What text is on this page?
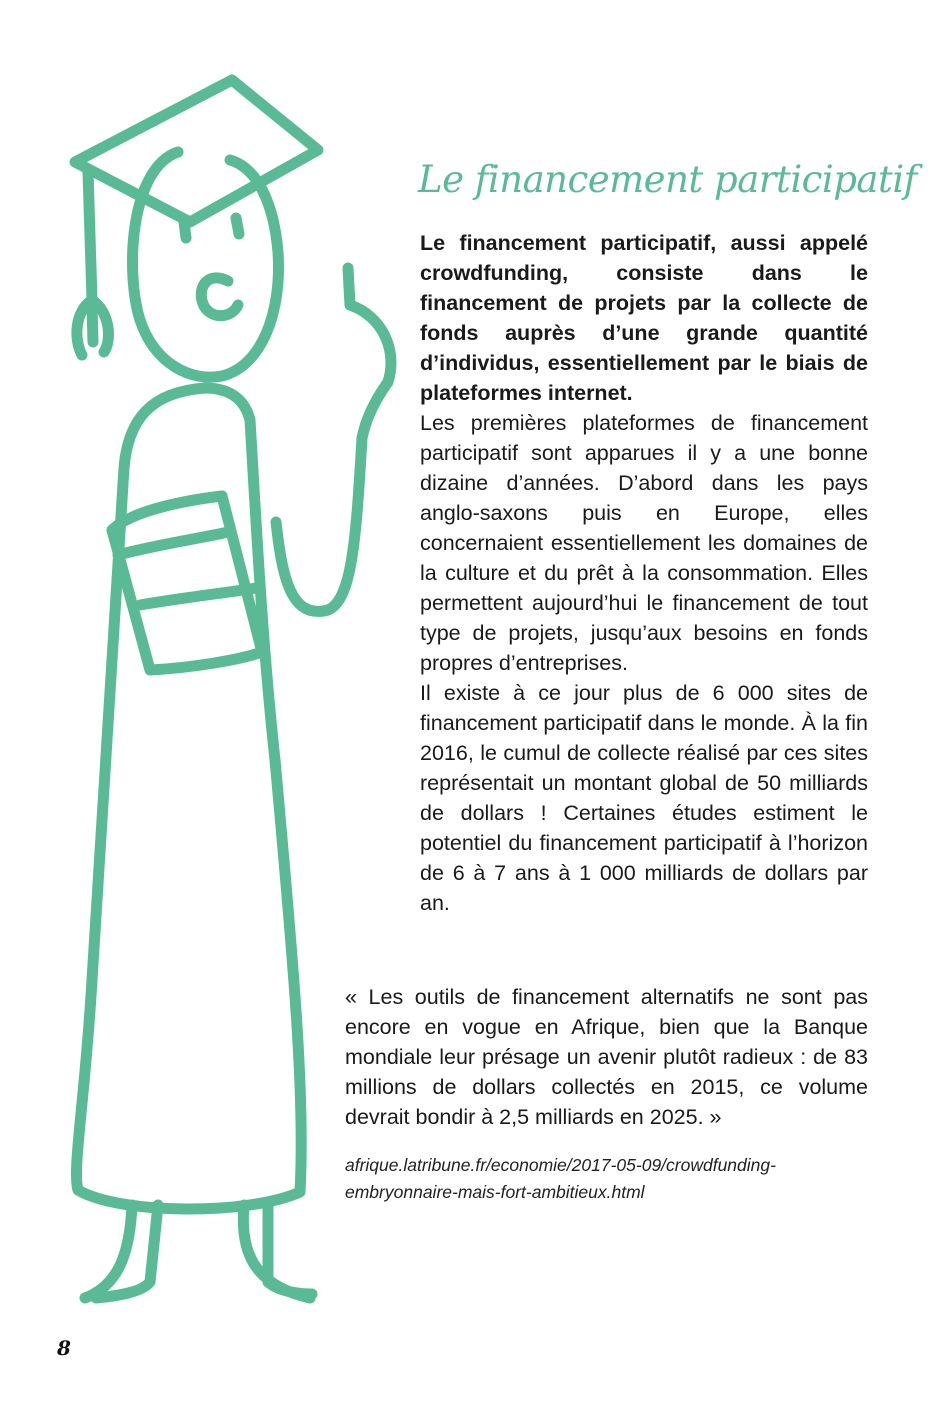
Le financement participatif

Le financement participatif, aussi appelé crowdfunding, consiste dans le financement de projets par la collecte de fonds auprès d’une grande quantité d’individus, essentiellement par le biais de plateformes internet.

Les premières plateformes de financement participatif sont apparues il y a une bonne dizaine d’années. D’abord dans les pays anglo-saxons puis en Europe, elles concernaient essentiellement les domaines de la culture et du prêt à la consommation. Elles permettent aujourd’hui le financement de tout type de projets, jusqu’aux besoins en fonds propres d’entreprises.

Il existe à ce jour plus de 6 000 sites de financement participatif dans le monde. À la fin 2016, le cumul de collecte réalisé par ces sites représentait un montant global de 50 milliards de dollars ! Certaines études estiment le potentiel du financement participatif à l’horizon de 6 à 7 ans à 1 000 milliards de dollars par an.

« Les outils de financement alternatifs ne sont pas encore en vogue en Afrique, bien que la Banque mondiale leur présage un avenir plutôt radieux : de 83 millions de dollars collectés en 2015, ce volume devrait bondir à 2,5 milliards en 2025. »

afrique.latribune.fr/economie/2017-05-09/crowdfunding-embryonnaire-mais-fort-ambitieux.html

8
